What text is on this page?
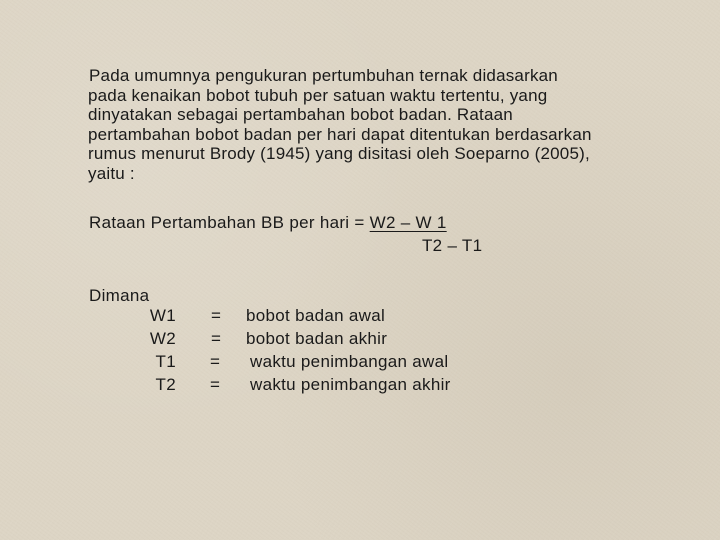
Pada umumnya pengukuran pertumbuhan ternak didasarkan
pada kenaikan bobot tubuh per satuan waktu tertentu, yang
dinyatakan sebagai pertambahan bobot badan. Rataan
pertambahan bobot badan per hari dapat ditentukan berdasarkan
rumus menurut Brody (1945) yang disitasi oleh Soeparno (2005),
yaitu :
Rataan Pertambahan BB per hari = W2 – W 1
T2 – T1
Dimana
W1 = bobot badan awal
W2 = bobot badan akhir
T1 = waktu penimbangan awal
T2 = waktu penimbangan akhir
